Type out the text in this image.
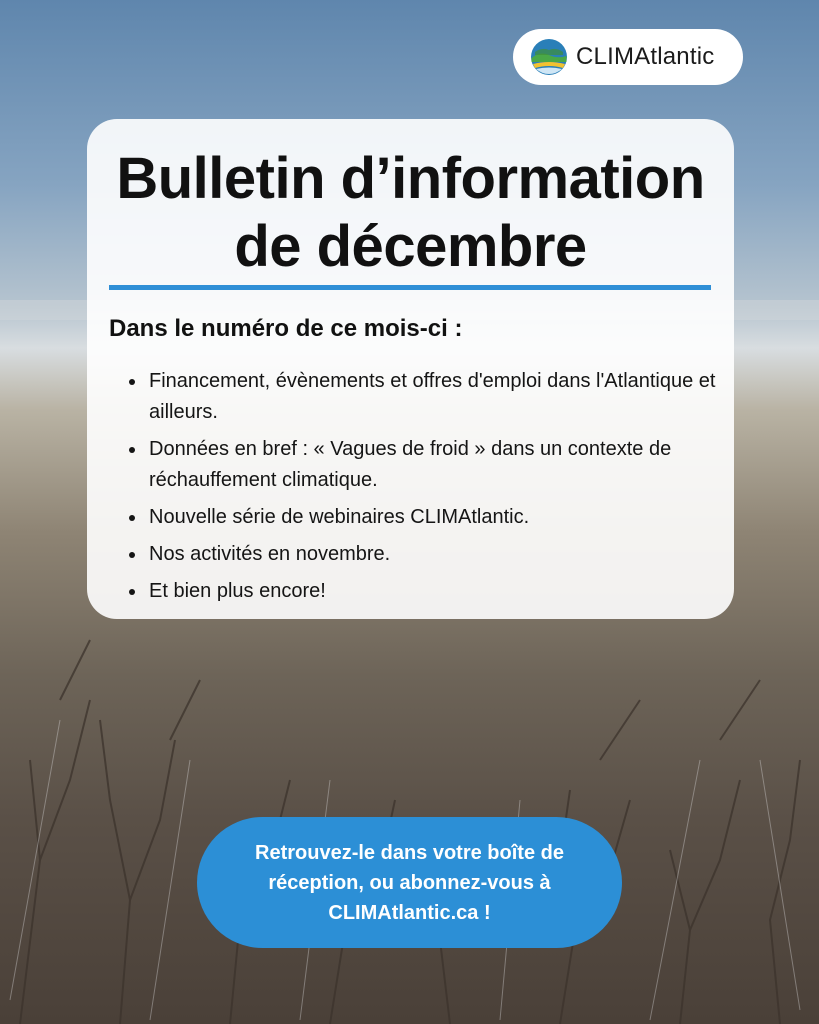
CLIMAtlantic
Bulletin d’information
de décembre
Dans le numéro de ce mois-ci :
Financement, évènements et offres d'emploi dans l'Atlantique et ailleurs.
Données en bref : « Vagues de froid » dans un contexte de réchauffement climatique.
Nouvelle série de webinaires CLIMAtlantic.
Nos activités en novembre.
Et bien plus encore!
Retrouvez-le dans votre boîte de réception, ou abonnez-vous à CLIMAtlantic.ca !
